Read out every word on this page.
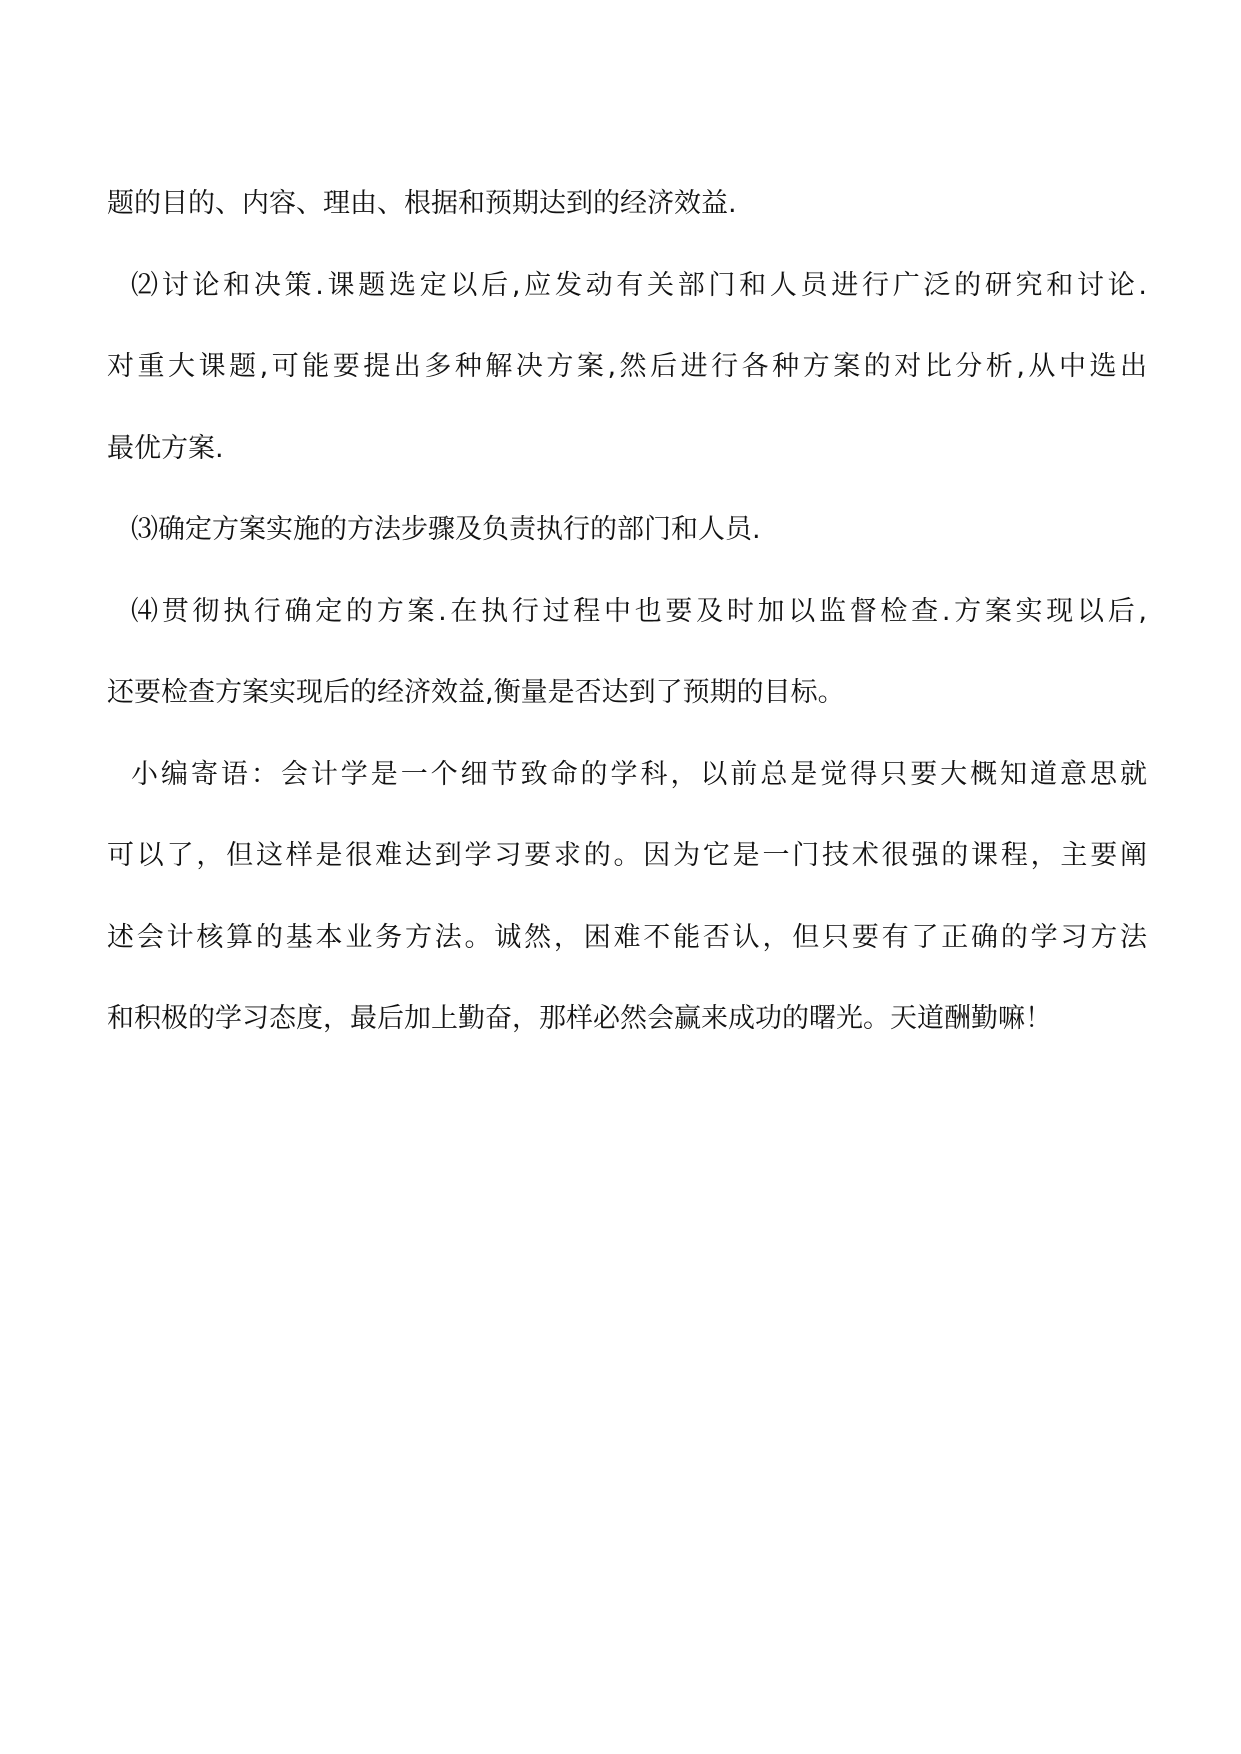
题的目的、内容、理由、根据和预期达到的经济效益.
⑵讨论和决策.课题选定以后,应发动有关部门和人员进行广泛的研究和讨论.
对重大课题,可能要提出多种解决方案,然后进行各种方案的对比分析,从中选出
最优方案.
⑶确定方案实施的方法步骤及负责执行的部门和人员.
⑷贯彻执行确定的方案.在执行过程中也要及时加以监督检查.方案实现以后,
还要检查方案实现后的经济效益,衡量是否达到了预期的目标。
小编寄语：会计学是一个细节致命的学科，以前总是觉得只要大概知道意思就
可以了，但这样是很难达到学习要求的。因为它是一门技术很强的课程，主要阐
述会计核算的基本业务方法。诚然，困难不能否认，但只要有了正确的学习方法
和积极的学习态度，最后加上勤奋，那样必然会赢来成功的曙光。天道酬勤嘛！
